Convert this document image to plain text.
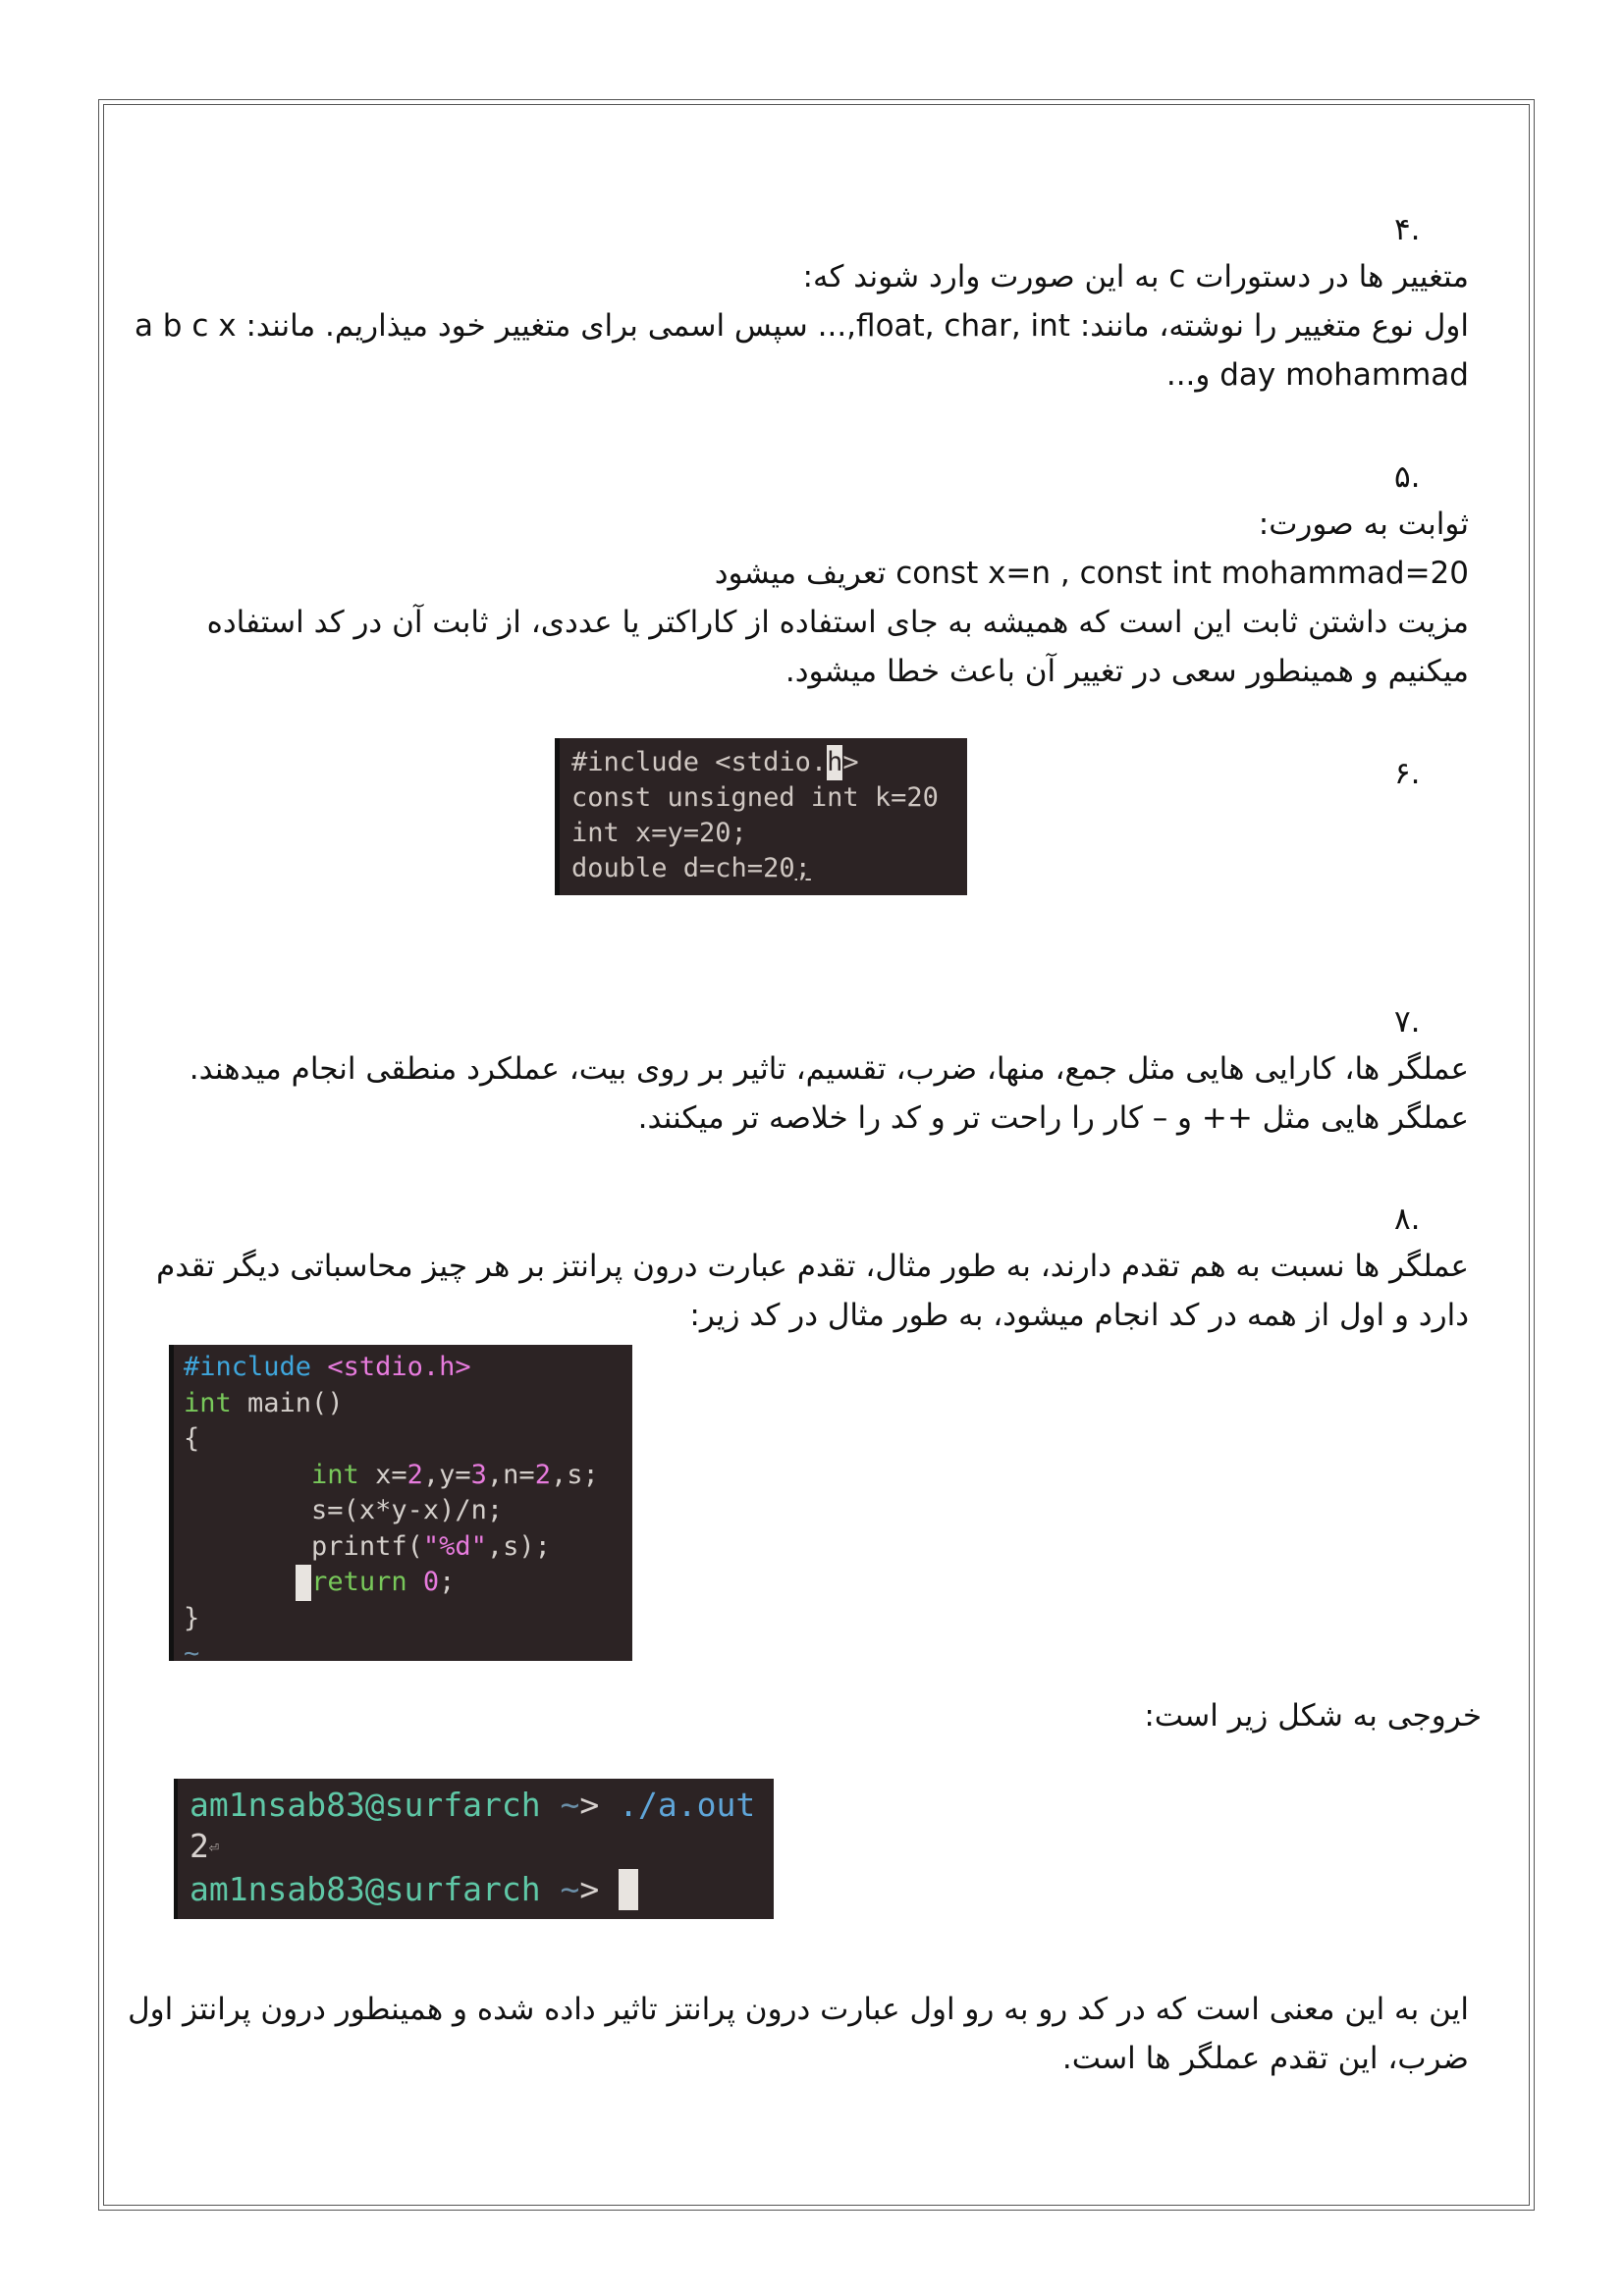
.۴
متغییر ها در دستورات c به این صورت وارد شوند که:
اول نوع متغییر را نوشته، مانند: float, char, int,... سپس اسمی برای متغییر خود میذاریم. مانند: a b c x
day mohammad و...
.۵
ثوابت به صورت:
const x=n , const int mohammad=20 تعریف میشود
مزیت داشتن ثابت این است که همیشه به جای استفاده از کاراکتر یا عددی، از ثابت آن در کد استفاده
میکنیم و همینطور سعی در تغییر آن باعث خطا میشود.
.۶
#include <stdio.h>
const unsigned int k=20
int x=y=20;
double d=ch=20;
.۷
عملگر ها، کارایی هایی مثل جمع، منها، ضرب، تقسیم، تاثیر بر روی بیت، عملکرد منطقی انجام میدهند.
عملگر هایی مثل ++ و – کار را راحت تر و کد را خلاصه تر میکنند.
.۸
عملگر ها نسبت به هم تقدم دارند، به طور مثال، تقدم عبارت درون پرانتز بر هر چیز محاسباتی دیگر تقدم
دارد و اول از همه در کد انجام میشود، به طور مثال در کد زیر:
#include <stdio.h>
int main()
{
int x=2,y=3,n=2,s;
s=(x*y-x)/n;
printf("%d",s);
return 0;
}
~
خروجی به شکل زیر است:
am1nsab83@surfarch ~> ./a.out
2⏎
am1nsab83@surfarch ~>
این به این معنی است که در کد رو به رو اول عبارت درون پرانتز تاثیر داده شده و همینطور درون پرانتز اول
ضرب، این تقدم عملگر ها است.
